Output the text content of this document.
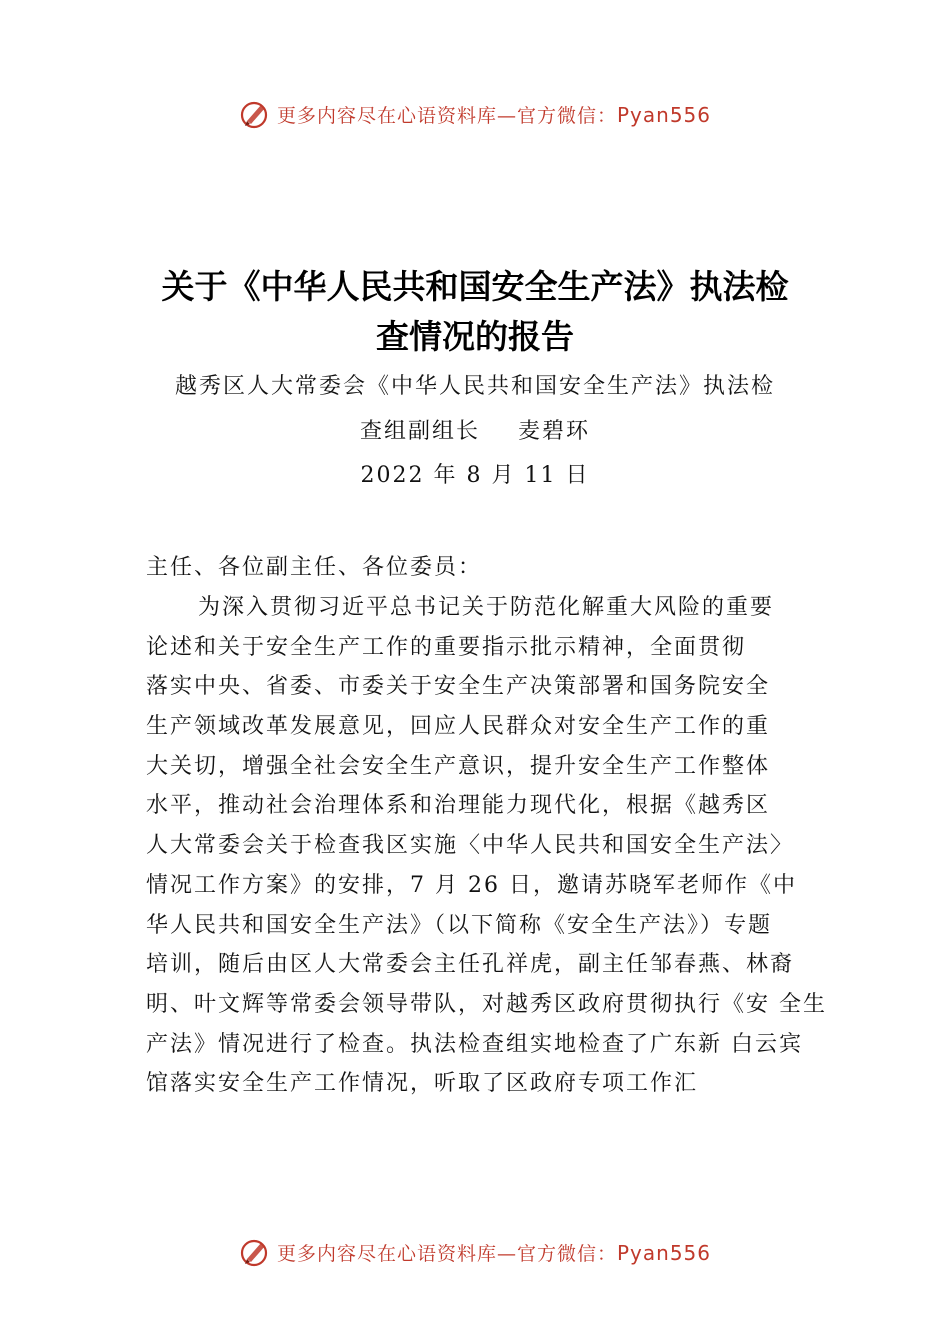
更多内容尽在心语资料库—官方微信：Pyan556
关于《中华人民共和国安全生产法》执法检
查情况的报告
越秀区人大常委会《中华人民共和国安全生产法》执法检
查组副组长 麦碧环
2022 年 8 月 11 日
主任、各位副主任、各位委员：
为深入贯彻习近平总书记关于防范化解重大风险的重要
论述和关于安全生产工作的重要指示批示精神，全面贯彻
落实中央、省委、市委关于安全生产决策部署和国务院安全
生产领域改革发展意见，回应人民群众对安全生产工作的重
大关切，增强全社会安全生产意识，提升安全生产工作整体
水平，推动社会治理体系和治理能力现代化，根据《越秀区
人大常委会关于检查我区实施〈中华人民共和国安全生产法〉
情况工作方案》的安排，7 月 26 日，邀请苏晓军老师作《中
华人民共和国安全生产法》（以下简称《安全生产法》）专题
培训，随后由区人大常委会主任孔祥虎，副主任邹春燕、林裔
明、叶文辉等常委会领导带队，对越秀区政府贯彻执行《安 全生
产法》情况进行了检查。执法检查组实地检查了广东新 白云宾
馆落实安全生产工作情况，听取了区政府专项工作汇
更多内容尽在心语资料库—官方微信：Pyan556
